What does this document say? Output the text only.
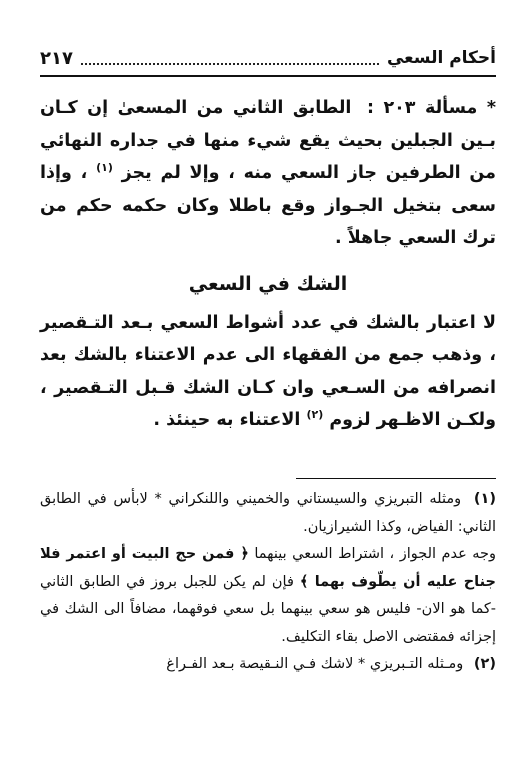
أحكام السعي
٢١٧

* مسألة ٢٠٣ : الطابق الثاني من المسعىٰ إن كـان بـين الجبلين بحيث يقع شيء منها في جداره النهائي من الطرفين جاز السعي منه ، وإلا لم يجز $^{(١)}$ ، وإذا سعى بتخيل الجـواز وقع باطلا وكان حكمه حكم من ترك السعي جاهلاً .

الشك في السعي

لا اعتبار بالشك في عدد أشواط السعي بـعد التـقصير ، وذهب جمع من الفقهاء الى عدم الاعتناء بالشك بعد انصرافه من السـعي وان كـان الشك قـبل التـقصير ، ولكـن الاظـهر لزوم $^{(٢)}$ الاعتناء به حينئذ .

(١) ومثله التبريزي والسيستاني والخميني واللنكراني * لابأس في الطابق الثاني: الفياض، وكذا الشيرازيان.

وجه عدم الجواز ، اشتراط السعي بينهما ﴿ فمن حج البيت أو اعتمر فلا جناح عليه أن يطّوف بهما ﴾ فإن لم يكن للجبل بروز في الطابق الثاني -كما هو الان- فليس هو سعي بينهما بل سعي فوقهما، مضافاً الى الشك في إجزائه فمقتضى الاصل بقاء التكليف.

(٢) ومـثله التـبريزي * لاشك فـي النـقيصة بـعد الفـراغ
